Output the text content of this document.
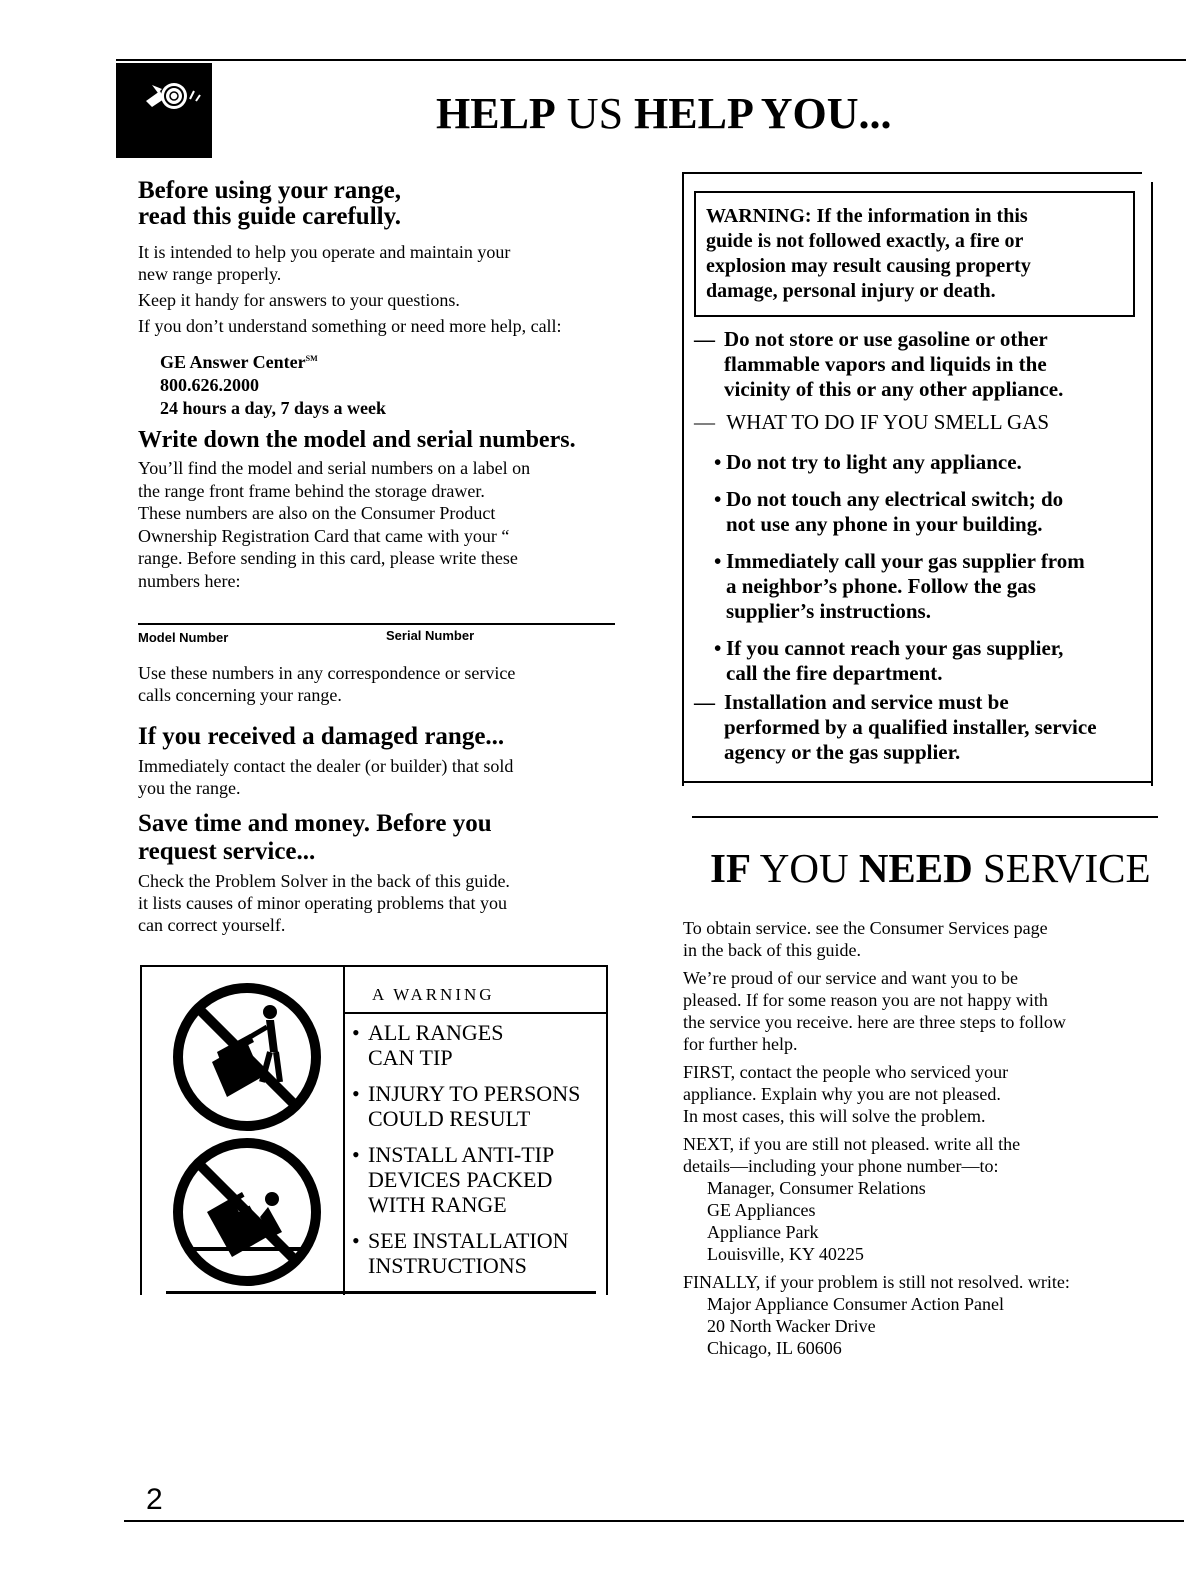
HELP US HELP YOU...
Before using your range,
read this guide carefully.
It is intended to help you operate and maintain your
new range properly.
Keep it handy for answers to your questions.
If you don’t understand something or need more help, call:
GE Answer Center℠
800.626.2000
24 hours a day, 7 days a week
Write down the model and serial numbers.
You’ll find the model and serial numbers on a label on
the range front frame behind the storage drawer.
These numbers are also on the Consumer Product
Ownership Registration Card that came with your “
range. Before sending in this card, please write these
numbers here:
Model Number	Serial Number
Use these numbers in any correspondence or service
calls concerning your range.
If you received a damaged range...
Immediately contact the dealer (or builder) that sold
you the range.
Save time and money. Before you
request service...
Check the Problem Solver in the back of this guide.
it lists causes of minor operating problems that you
can correct yourself.
A WARNING
• ALL RANGES
CAN TIP
• INJURY TO PERSONS
COULD RESULT
• INSTALL ANTI-TIP
DEVICES PACKED
WITH RANGE
• SEE INSTALLATION
INSTRUCTIONS
WARNING: If the information in this
guide is not followed exactly, a fire or
explosion may result causing property
damage, personal injury or death.
— Do not store or use gasoline or other
flammable vapors and liquids in the
vicinity of this or any other appliance.
— WHAT TO DO IF YOU SMELL GAS
• Do not try to light any appliance.
• Do not touch any electrical switch; do
not use any phone in your building.
• Immediately call your gas supplier from
a neighbor’s phone. Follow the gas
supplier’s instructions.
• If you cannot reach your gas supplier,
call the fire department.
— Installation and service must be
performed by a qualified installer, service
agency or the gas supplier.
IF YOU NEED SERVICE
To obtain service. see the Consumer Services page
in the back of this guide.
We’re proud of our service and want you to be
pleased. If for some reason you are not happy with
the service you receive. here are three steps to follow
for further help.
FIRST, contact the people who serviced your
appliance. Explain why you are not pleased.
In most cases, this will solve the problem.
NEXT, if you are still not pleased. write all the
details—including your phone number—to:
Manager, Consumer Relations
GE Appliances
Appliance Park
Louisville, KY 40225
FINALLY, if your problem is still not resolved. write:
Major Appliance Consumer Action Panel
20 North Wacker Drive
Chicago, IL 60606
2
